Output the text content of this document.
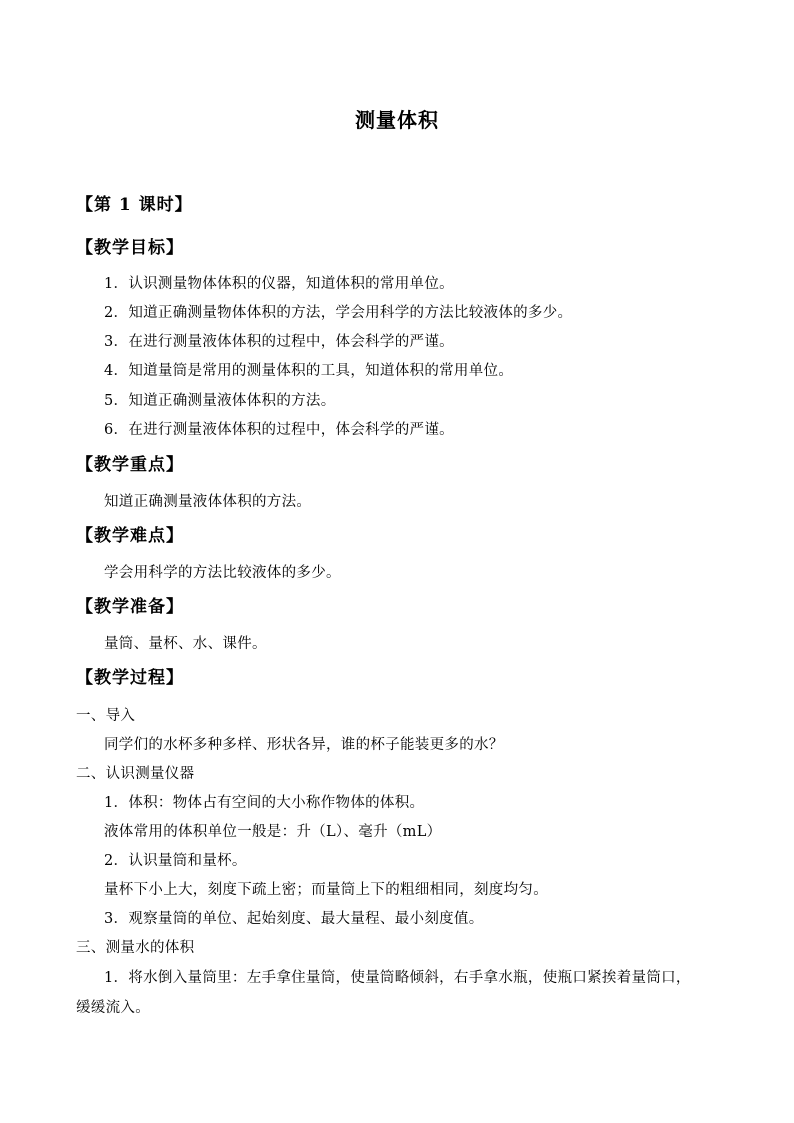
测量体积
【第 1 课时】
【教学目标】
1．认识测量物体体积的仪器，知道体积的常用单位。
2．知道正确测量物体体积的方法，学会用科学的方法比较液体的多少。
3．在进行测量液体体积的过程中，体会科学的严谨。
4．知道量筒是常用的测量体积的工具，知道体积的常用单位。
5．知道正确测量液体体积的方法。
6．在进行测量液体体积的过程中，体会科学的严谨。
【教学重点】
知道正确测量液体体积的方法。
【教学难点】
学会用科学的方法比较液体的多少。
【教学准备】
量筒、量杯、水、课件。
【教学过程】
一、导入
同学们的水杯多种多样、形状各异，谁的杯子能装更多的水？
二、认识测量仪器
1．体积：物体占有空间的大小称作物体的体积。
液体常用的体积单位一般是：升（L）、毫升（mL）
2．认识量筒和量杯。
量杯下小上大，刻度下疏上密；而量筒上下的粗细相同，刻度均匀。
3．观察量筒的单位、起始刻度、最大量程、最小刻度值。
三、测量水的体积
1．将水倒入量筒里：左手拿住量筒，使量筒略倾斜，右手拿水瓶，使瓶口紧挨着量筒口，
缓缓流入。
